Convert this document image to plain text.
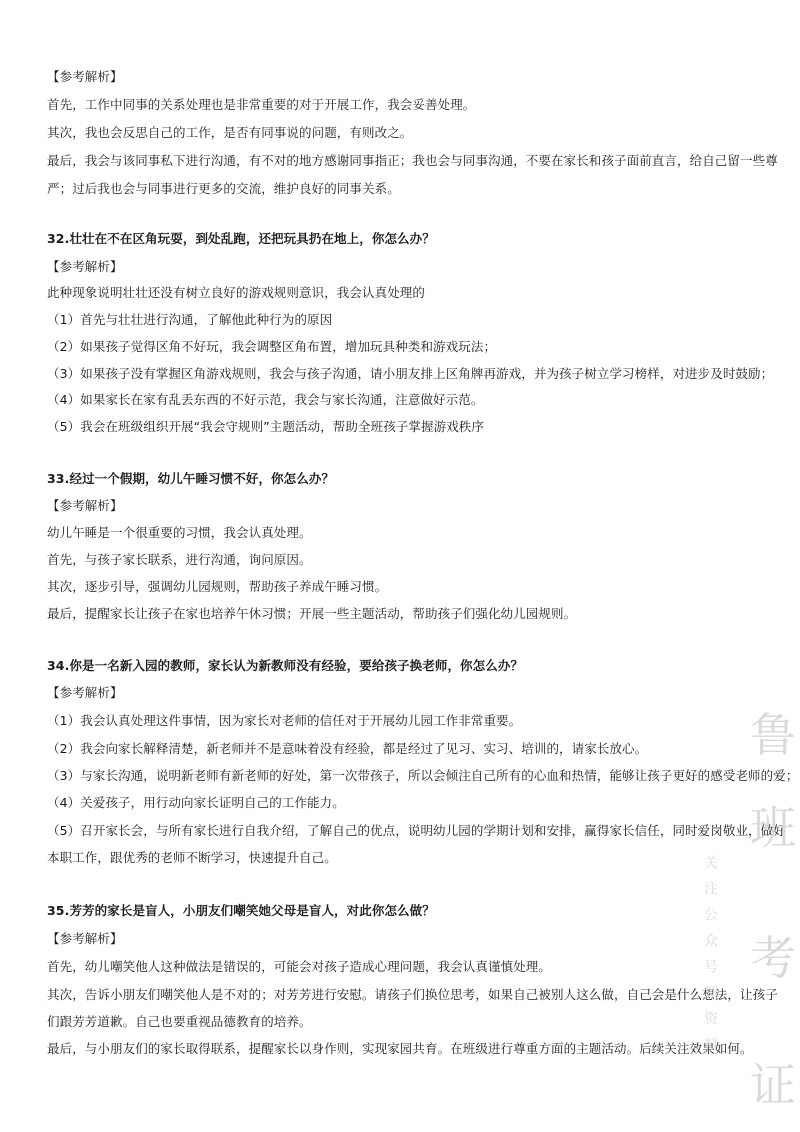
【参考解析】
首先，工作中同事的关系处理也是非常重要的对于开展工作，我会妥善处理。
其次，我也会反思自己的工作，是否有同事说的问题，有则改之。
最后，我会与该同事私下进行沟通，有不对的地方感谢同事指正；我也会与同事沟通，不要在家长和孩子面前直言，给自己留一些尊
严；过后我也会与同事进行更多的交流，维护良好的同事关系。
32.壮壮在不在区角玩耍，到处乱跑，还把玩具扔在地上，你怎么办？
【参考解析】
此种现象说明壮壮还没有树立良好的游戏规则意识，我会认真处理的
（1）首先与壮壮进行沟通，了解他此种行为的原因
（2）如果孩子觉得区角不好玩，我会调整区角布置，增加玩具种类和游戏玩法；
（3）如果孩子没有掌握区角游戏规则，我会与孩子沟通，请小朋友排上区角牌再游戏，并为孩子树立学习榜样，对进步及时鼓励；
（4）如果家长在家有乱丢东西的不好示范，我会与家长沟通，注意做好示范。
（5）我会在班级组织开展“我会守规则”主题活动，帮助全班孩子掌握游戏秩序
33.经过一个假期，幼儿午睡习惯不好，你怎么办？
【参考解析】
幼儿午睡是一个很重要的习惯，我会认真处理。
首先，与孩子家长联系，进行沟通，询问原因。
其次，逐步引导，强调幼儿园规则，帮助孩子养成午睡习惯。
最后，提醒家长让孩子在家也培养午休习惯；开展一些主题活动，帮助孩子们强化幼儿园规则。
34.你是一名新入园的教师，家长认为新教师没有经验，要给孩子换老师，你怎么办？
【参考解析】
（1）我会认真处理这件事情，因为家长对老师的信任对于开展幼儿园工作非常重要。
（2）我会向家长解释清楚，新老师并不是意味着没有经验，都是经过了见习、实习、培训的，请家长放心。
（3）与家长沟通，说明新老师有新老师的好处，第一次带孩子，所以会倾注自己所有的心血和热情，能够让孩子更好的感受老师的爱；
（4）关爱孩子，用行动向家长证明自己的工作能力。
（5）召开家长会，与所有家长进行自我介绍，了解自己的优点，说明幼儿园的学期计划和安排，赢得家长信任，同时爱岗敬业，做好
本职工作，跟优秀的老师不断学习，快速提升自己。
35.芳芳的家长是盲人，小朋友们嘲笑她父母是盲人，对此你怎么做？
【参考解析】
首先，幼儿嘲笑他人这种做法是错误的，可能会对孩子造成心理问题，我会认真谨慎处理。
其次，告诉小朋友们嘲笑他人是不对的；对芳芳进行安慰。请孩子们换位思考，如果自己被别人这么做，自己会是什么想法，让孩子
们跟芳芳道歉。自己也要重视品德教育的培养。
最后，与小朋友们的家长取得联系，提醒家长以身作则，实现家园共育。在班级进行尊重方面的主题活动。后续关注效果如何。
鲁
班
考
证
关注公众号领资料
